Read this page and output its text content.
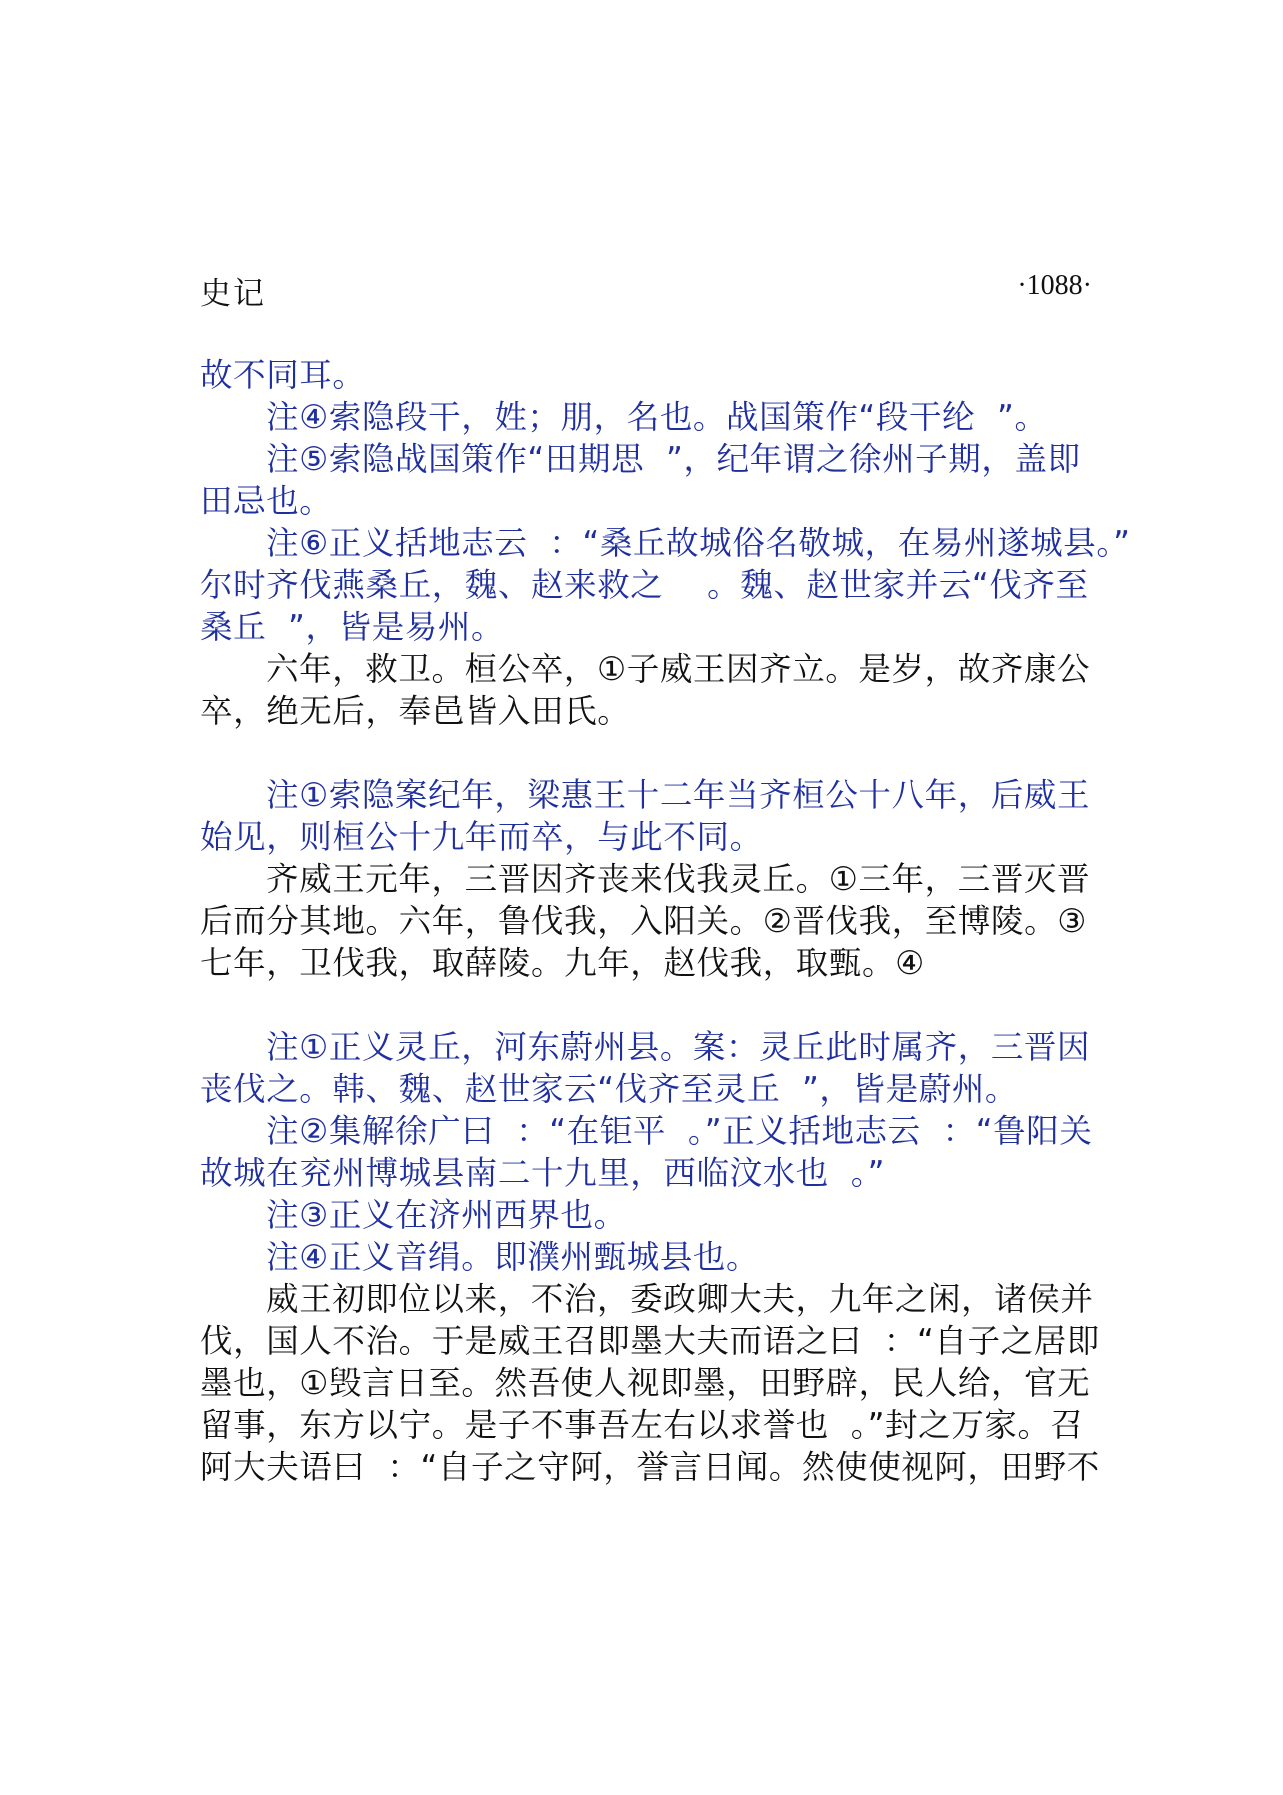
史记	·1088·
故不同耳。
注④索隐段干，姓；朋，名也。战国策作“段干纶  ”。
注⑤索隐战国策作“田期思  ”，纪年谓之徐州子期，盖即
田忌也。
注⑥正义括地志云  ：“桑丘故城俗名敬城，在易州遂城县。”
尔时齐伐燕桑丘，魏、赵来救之    。魏、赵世家并云“伐齐至
桑丘  ”，皆是易州。
六年，救卫。桓公卒，①子威王因齐立。是岁，故齐康公
卒，绝无后，奉邑皆入田氏。
注①索隐案纪年，梁惠王十二年当齐桓公十八年，后威王
始见，则桓公十九年而卒，与此不同。
齐威王元年，三晋因齐丧来伐我灵丘。①三年，三晋灭晋
后而分其地。六年，鲁伐我，入阳关。②晋伐我，至博陵。③
七年，卫伐我，取薛陵。九年，赵伐我，取甄。④
注①正义灵丘，河东蔚州县。案：灵丘此时属齐，三晋因
丧伐之。韩、魏、赵世家云“伐齐至灵丘  ”，皆是蔚州。
注②集解徐广曰  ：“在钜平  。”正义括地志云  ：“鲁阳关
故城在兖州博城县南二十九里，西临汶水也  。”
注③正义在济州西界也。
注④正义音绢。即濮州甄城县也。
威王初即位以来，不治，委政卿大夫，九年之闲，诸侯并
伐，国人不治。于是威王召即墨大夫而语之曰  ：“自子之居即
墨也，①毁言日至。然吾使人视即墨，田野辟，民人给，官无
留事，东方以宁。是子不事吾左右以求誉也  。”封之万家。召
阿大夫语曰  ：“自子之守阿，誉言日闻。然使使视阿，田野不
